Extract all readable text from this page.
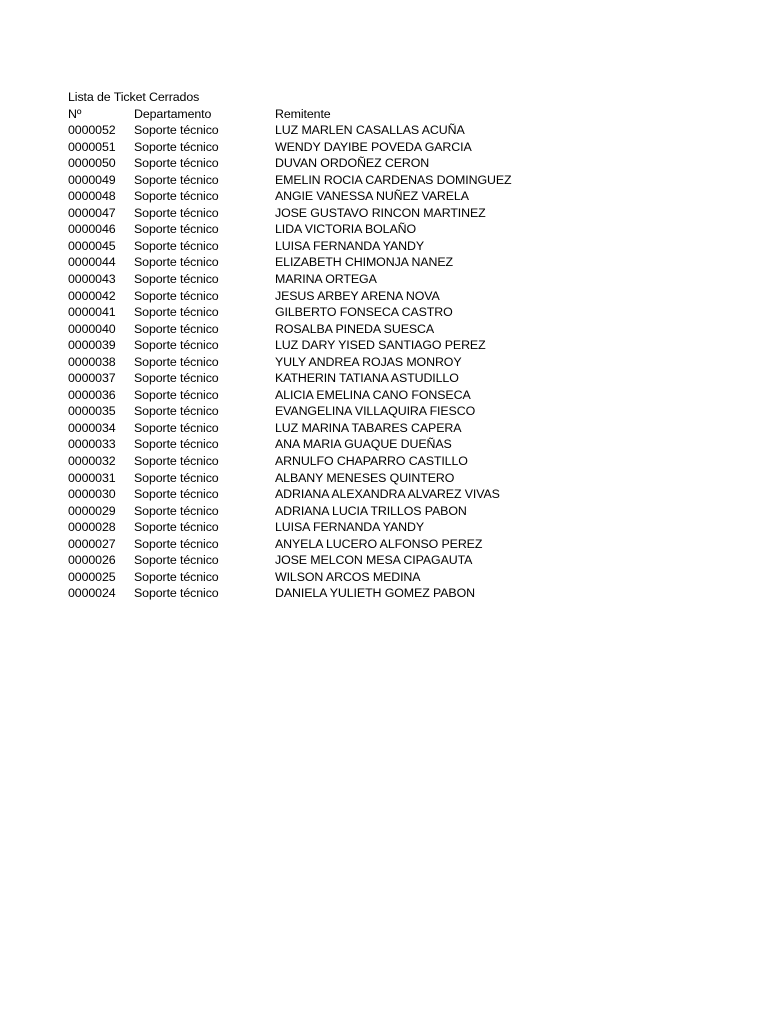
Lista de Ticket Cerrados
Nº	Departamento	Remitente
0000052	Soporte técnico	LUZ MARLEN CASALLAS ACUÑA
0000051	Soporte técnico	WENDY DAYIBE POVEDA GARCIA
0000050	Soporte técnico	DUVAN ORDOÑEZ CERON
0000049	Soporte técnico	EMELIN ROCIA CARDENAS DOMINGUEZ
0000048	Soporte técnico	ANGIE VANESSA NUÑEZ VARELA
0000047	Soporte técnico	JOSE GUSTAVO RINCON MARTINEZ
0000046	Soporte técnico	LIDA VICTORIA BOLAÑO
0000045	Soporte técnico	LUISA FERNANDA YANDY
0000044	Soporte técnico	ELIZABETH CHIMONJA NANEZ
0000043	Soporte técnico	MARINA ORTEGA
0000042	Soporte técnico	JESUS ARBEY ARENA NOVA
0000041	Soporte técnico	GILBERTO FONSECA CASTRO
0000040	Soporte técnico	ROSALBA PINEDA SUESCA
0000039	Soporte técnico	LUZ DARY YISED SANTIAGO PEREZ
0000038	Soporte técnico	YULY ANDREA ROJAS MONROY
0000037	Soporte técnico	KATHERIN TATIANA ASTUDILLO
0000036	Soporte técnico	ALICIA EMELINA CANO FONSECA
0000035	Soporte técnico	EVANGELINA VILLAQUIRA FIESCO
0000034	Soporte técnico	LUZ MARINA TABARES CAPERA
0000033	Soporte técnico	ANA MARIA GUAQUE DUEÑAS
0000032	Soporte técnico	ARNULFO CHAPARRO CASTILLO
0000031	Soporte técnico	ALBANY MENESES QUINTERO
0000030	Soporte técnico	ADRIANA ALEXANDRA ALVAREZ VIVAS
0000029	Soporte técnico	ADRIANA LUCIA TRILLOS PABON
0000028	Soporte técnico	LUISA FERNANDA YANDY
0000027	Soporte técnico	ANYELA LUCERO ALFONSO PEREZ
0000026	Soporte técnico	JOSE MELCON MESA CIPAGAUTA
0000025	Soporte técnico	WILSON ARCOS MEDINA
0000024	Soporte técnico	DANIELA YULIETH GOMEZ PABON
